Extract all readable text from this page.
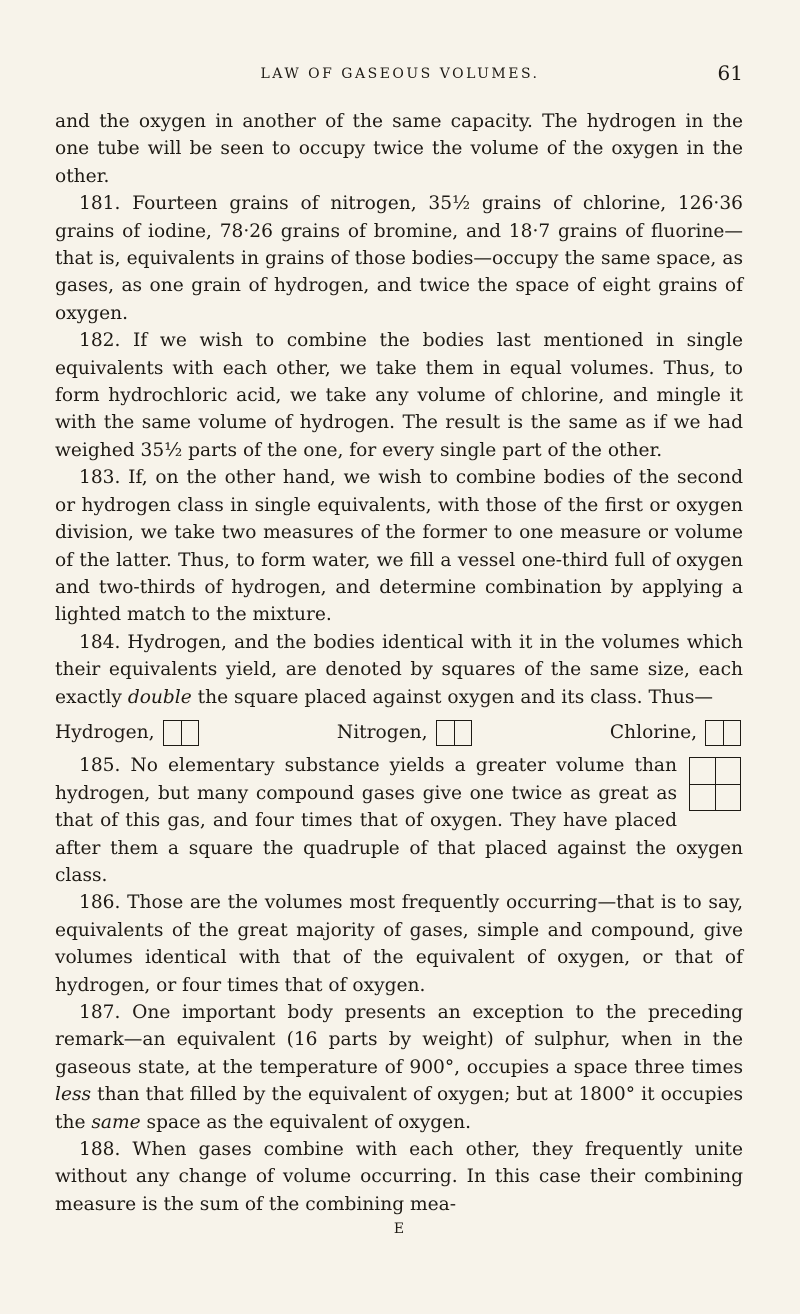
LAW OF GASEOUS VOLUMES.	61

and the oxygen in another of the same capacity. The hydrogen in the one tube will be seen to occupy twice the volume of the oxygen in the other.

181. Fourteen grains of nitrogen, 35½ grains of chlorine, 126·36 grains of iodine, 78·26 grains of bromine, and 18·7 grains of fluorine—that is, equivalents in grains of those bodies—occupy the same space, as gases, as one grain of hydrogen, and twice the space of eight grains of oxygen.

182. If we wish to combine the bodies last mentioned in single equivalents with each other, we take them in equal volumes. Thus, to form hydrochloric acid, we take any volume of chlorine, and mingle it with the same volume of hydrogen. The result is the same as if we had weighed 35½ parts of the one, for every single part of the other.

183. If, on the other hand, we wish to combine bodies of the second or hydrogen class in single equivalents, with those of the first or oxygen division, we take two measures of the former to one measure or volume of the latter. Thus, to form water, we fill a vessel one-third full of oxygen and two-thirds of hydrogen, and determine combination by applying a lighted match to the mixture.

184. Hydrogen, and the bodies identical with it in the volumes which their equivalents yield, are denoted by squares of the same size, each exactly double the square placed against oxygen and its class. Thus—

Hydrogen,	Nitrogen,	Chlorine,

185. No elementary substance yields a greater volume than hydrogen, but many compound gases give one twice as great as that of this gas, and four times that of oxygen. They have placed after them a square the quadruple of that placed against the oxygen class.

186. Those are the volumes most frequently occurring—that is to say, equivalents of the great majority of gases, simple and compound, give volumes identical with that of the equivalent of oxygen, or that of hydrogen, or four times that of oxygen.

187. One important body presents an exception to the preceding remark—an equivalent (16 parts by weight) of sulphur, when in the gaseous state, at the temperature of 900°, occupies a space three times less than that filled by the equivalent of oxygen; but at 1800° it occupies the same space as the equivalent of oxygen.

188. When gases combine with each other, they frequently unite without any change of volume occurring. In this case their combining measure is the sum of the combining mea-

E
